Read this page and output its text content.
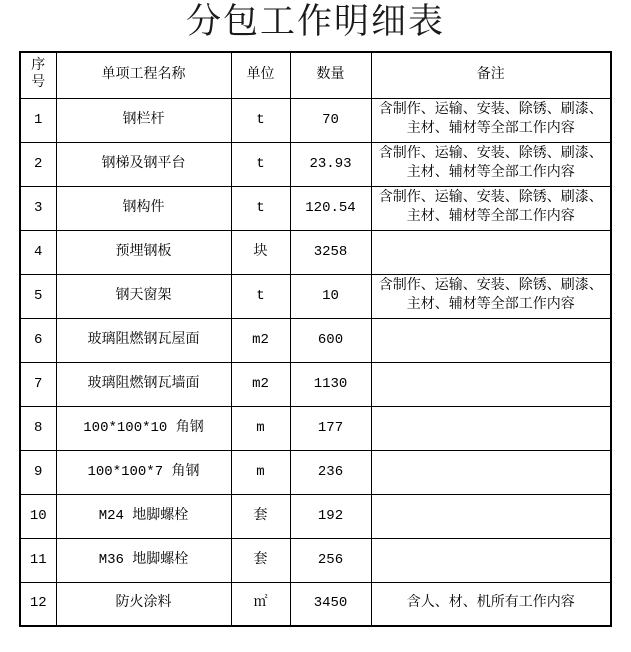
分包工作明细表
序号	单项工程名称	单位	数量	备注
1	钢栏杆	t	70	含制作、运输、安装、除锈、刷漆、主材、辅材等全部工作内容
2	钢梯及钢平台	t	23.93	含制作、运输、安装、除锈、刷漆、主材、辅材等全部工作内容
3	钢构件	t	120.54	含制作、运输、安装、除锈、刷漆、主材、辅材等全部工作内容
4	预埋钢板	块	3258	
5	钢天窗架	t	10	含制作、运输、安装、除锈、刷漆、主材、辅材等全部工作内容
6	玻璃阻燃钢瓦屋面	m2	600	
7	玻璃阻燃钢瓦墙面	m2	1130	
8	100*100*10 角钢	m	177	
9	100*100*7 角钢	m	236	
10	M24 地脚螺栓	套	192	
11	M36 地脚螺栓	套	256	
12	防火涂料	㎡	3450	含人、材、机所有工作内容
